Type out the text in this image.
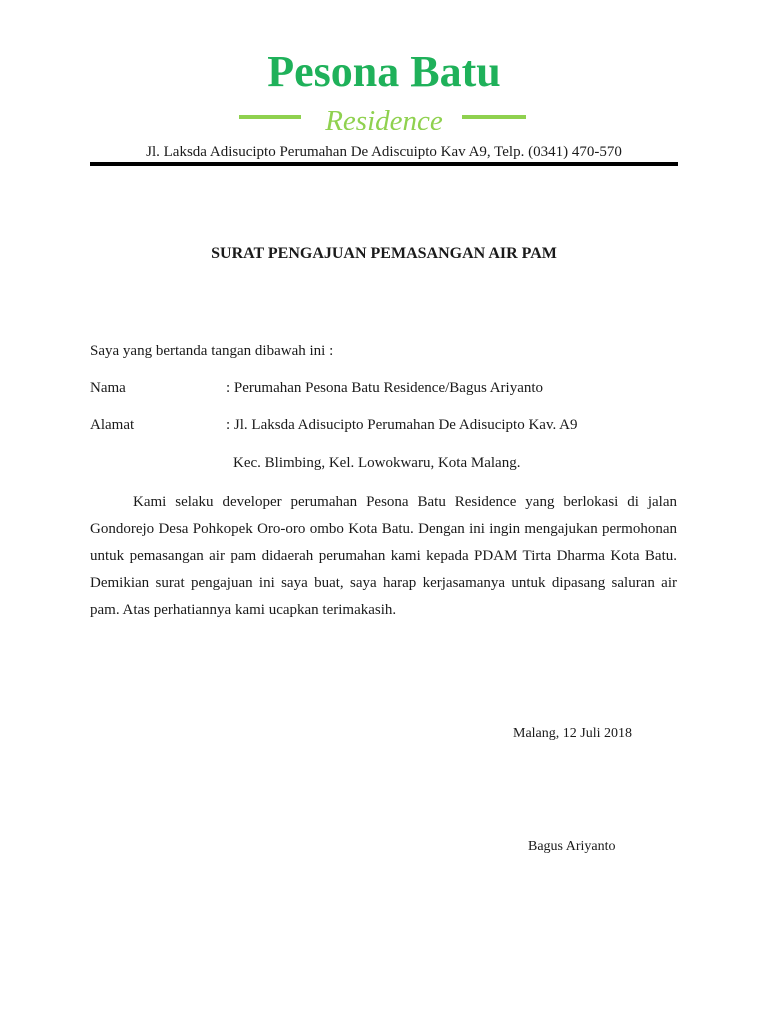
Pesona Batu
Residence
Jl. Laksda Adisucipto Perumahan De Adiscuipto Kav A9, Telp. (0341) 470-570
SURAT PENGAJUAN PEMASANGAN AIR PAM
Saya yang bertanda tangan dibawah ini :
Nama	: Perumahan Pesona Batu Residence/Bagus Ariyanto
Alamat	: Jl. Laksda Adisucipto Perumahan De Adisucipto Kav. A9
Kec. Blimbing, Kel. Lowokwaru, Kota Malang.

Kami selaku developer perumahan Pesona Batu Residence yang berlokasi di jalan Gondorejo Desa Pohkopek Oro-oro ombo Kota Batu. Dengan ini ingin mengajukan permohonan untuk pemasangan air pam didaerah perumahan kami kepada PDAM Tirta Dharma Kota Batu. Demikian surat pengajuan ini saya buat, saya harap kerjasamanya untuk dipasang saluran air pam. Atas perhatiannya kami ucapkan terimakasih.

Malang, 12 Juli 2018
Bagus Ariyanto
